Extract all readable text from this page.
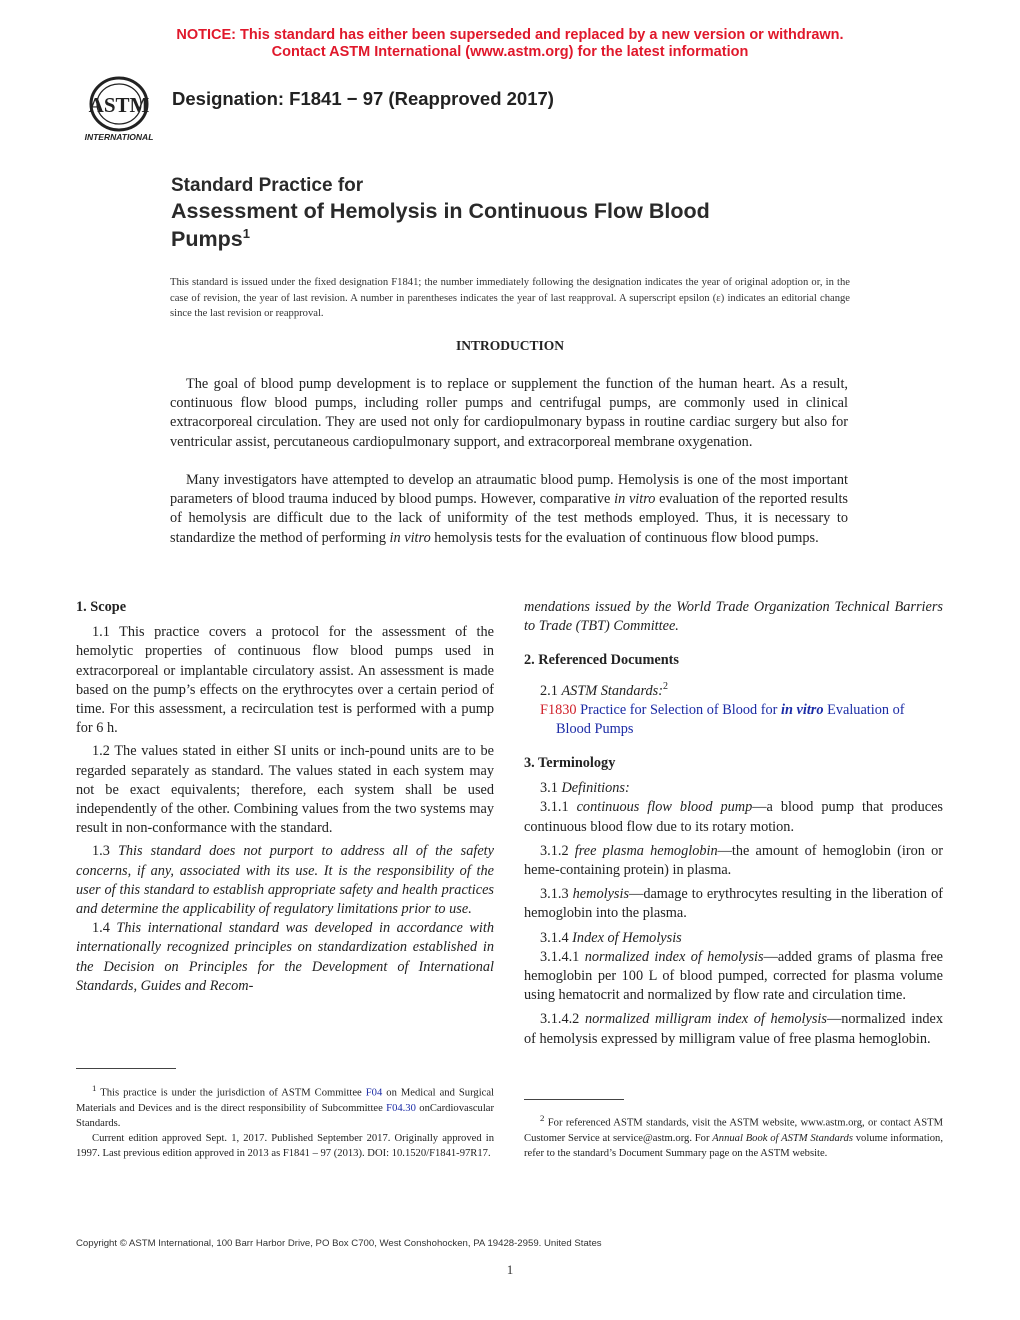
NOTICE: This standard has either been superseded and replaced by a new version or withdrawn.
Contact ASTM International (www.astm.org) for the latest information
ASTM
INTERNATIONAL
Designation: F1841 − 97 (Reapproved 2017)
Standard Practice for
Assessment of Hemolysis in Continuous Flow Blood
Pumps$^1$
This standard is issued under the fixed designation F1841; the number immediately following the designation indicates the year of original adoption or, in the case of revision, the year of last revision. A number in parentheses indicates the year of last reapproval. A superscript epsilon (ε) indicates an editorial change since the last revision or reapproval.
INTRODUCTION
The goal of blood pump development is to replace or supplement the function of the human heart. As a result, continuous flow blood pumps, including roller pumps and centrifugal pumps, are commonly used in clinical extracorporeal circulation. They are used not only for cardiopulmonary bypass in routine cardiac surgery but also for ventricular assist, percutaneous cardiopulmonary support, and extracorporeal membrane oxygenation.
Many investigators have attempted to develop an atraumatic blood pump. Hemolysis is one of the most important parameters of blood trauma induced by blood pumps. However, comparative in vitro evaluation of the reported results of hemolysis are difficult due to the lack of uniformity of the test methods employed. Thus, it is necessary to standardize the method of performing in vitro hemolysis tests for the evaluation of continuous flow blood pumps.

1. Scope

1.1 This practice covers a protocol for the assessment of the hemolytic properties of continuous flow blood pumps used in extracorporeal or implantable circulatory assist. An assessment is made based on the pump’s effects on the erythrocytes over a certain period of time. For this assessment, a recirculation test is performed with a pump for 6 h.

1.2 The values stated in either SI units or inch-pound units are to be regarded separately as standard. The values stated in each system may not be exact equivalents; therefore, each system shall be used independently of the other. Combining values from the two systems may result in non-conformance with the standard.

1.3 This standard does not purport to address all of the safety concerns, if any, associated with its use. It is the responsibility of the user of this standard to establish appropriate safety and health practices and determine the applicability of regulatory limitations prior to use.

1.4 This international standard was developed in accordance with internationally recognized principles on standardization established in the Decision on Principles for the Development of International Standards, Guides and Recom-

$^1$ This practice is under the jurisdiction of ASTM Committee F04 on Medical and Surgical Materials and Devices and is the direct responsibility of Subcommittee F04.30 onCardiovascular Standards.

Current edition approved Sept. 1, 2017. Published September 2017. Originally approved in 1997. Last previous edition approved in 2013 as F1841 – 97 (2013). DOI: 10.1520/F1841-97R17.

mendations issued by the World Trade Organization Technical Barriers to Trade (TBT) Committee.

2. Referenced Documents

2.1 ASTM Standards:$^2$

F1830 Practice for Selection of Blood for in vitro Evaluation of Blood Pumps

3. Terminology

3.1 Definitions:

3.1.1 continuous flow blood pump—a blood pump that produces continuous blood flow due to its rotary motion.

3.1.2 free plasma hemoglobin—the amount of hemoglobin (iron or heme-containing protein) in plasma.

3.1.3 hemolysis—damage to erythrocytes resulting in the liberation of hemoglobin into the plasma.

3.1.4 Index of Hemolysis

3.1.4.1 normalized index of hemolysis—added grams of plasma free hemoglobin per 100 L of blood pumped, corrected for plasma volume using hematocrit and normalized by flow rate and circulation time.

3.1.4.2 normalized milligram index of hemolysis—normalized index of hemolysis expressed by milligram value of free plasma hemoglobin.

$^2$ For referenced ASTM standards, visit the ASTM website, www.astm.org, or contact ASTM Customer Service at service@astm.org. For Annual Book of ASTM Standards volume information, refer to the standard’s Document Summary page on the ASTM website.

Copyright © ASTM International, 100 Barr Harbor Drive, PO Box C700, West Conshohocken, PA 19428-2959. United States
1
